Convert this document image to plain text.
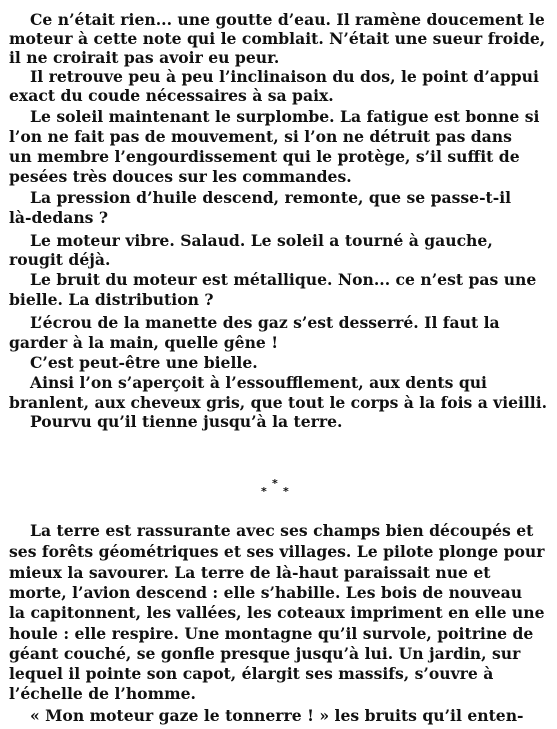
Ce n’était rien... une goutte d’eau. Il ramène doucement le
moteur à cette note qui le comblait. N’était une sueur froide,
il ne croirait pas avoir eu peur.
Il retrouve peu à peu l’inclinaison du dos, le point d’appui
exact du coude nécessaires à sa paix.
Le soleil maintenant le surplombe. La fatigue est bonne si
l’on ne fait pas de mouvement, si l’on ne détruit pas dans
un membre l’engourdissement qui le protège, s’il suffit de
pesées très douces sur les commandes.
La pression d’huile descend, remonte, que se passe-t-il
là-dedans ?
Le moteur vibre. Salaud. Le soleil a tourné à gauche,
rougit déjà.
Le bruit du moteur est métallique. Non... ce n’est pas une
bielle. La distribution ?
L’écrou de la manette des gaz s’est desserré. Il faut la
garder à la main, quelle gêne !
C’est peut-être une bielle.
Ainsi l’on s’aperçoit à l’essoufflement, aux dents qui
branlent, aux cheveux gris, que tout le corps à la fois a vieilli.
Pourvu qu’il tienne jusqu’à la terre.
*
* *
La terre est rassurante avec ses champs bien découpés et
ses forêts géométriques et ses villages. Le pilote plonge pour
mieux la savourer. La terre de là-haut paraissait nue et
morte, l’avion descend : elle s’habille. Les bois de nouveau
la capitonnent, les vallées, les coteaux impriment en elle une
houle : elle respire. Une montagne qu’il survole, poitrine de
géant couché, se gonfle presque jusqu’à lui. Un jardin, sur
lequel il pointe son capot, élargit ses massifs, s’ouvre à
l’échelle de l’homme.
« Mon moteur gaze le tonnerre ! » les bruits qu’il enten-
